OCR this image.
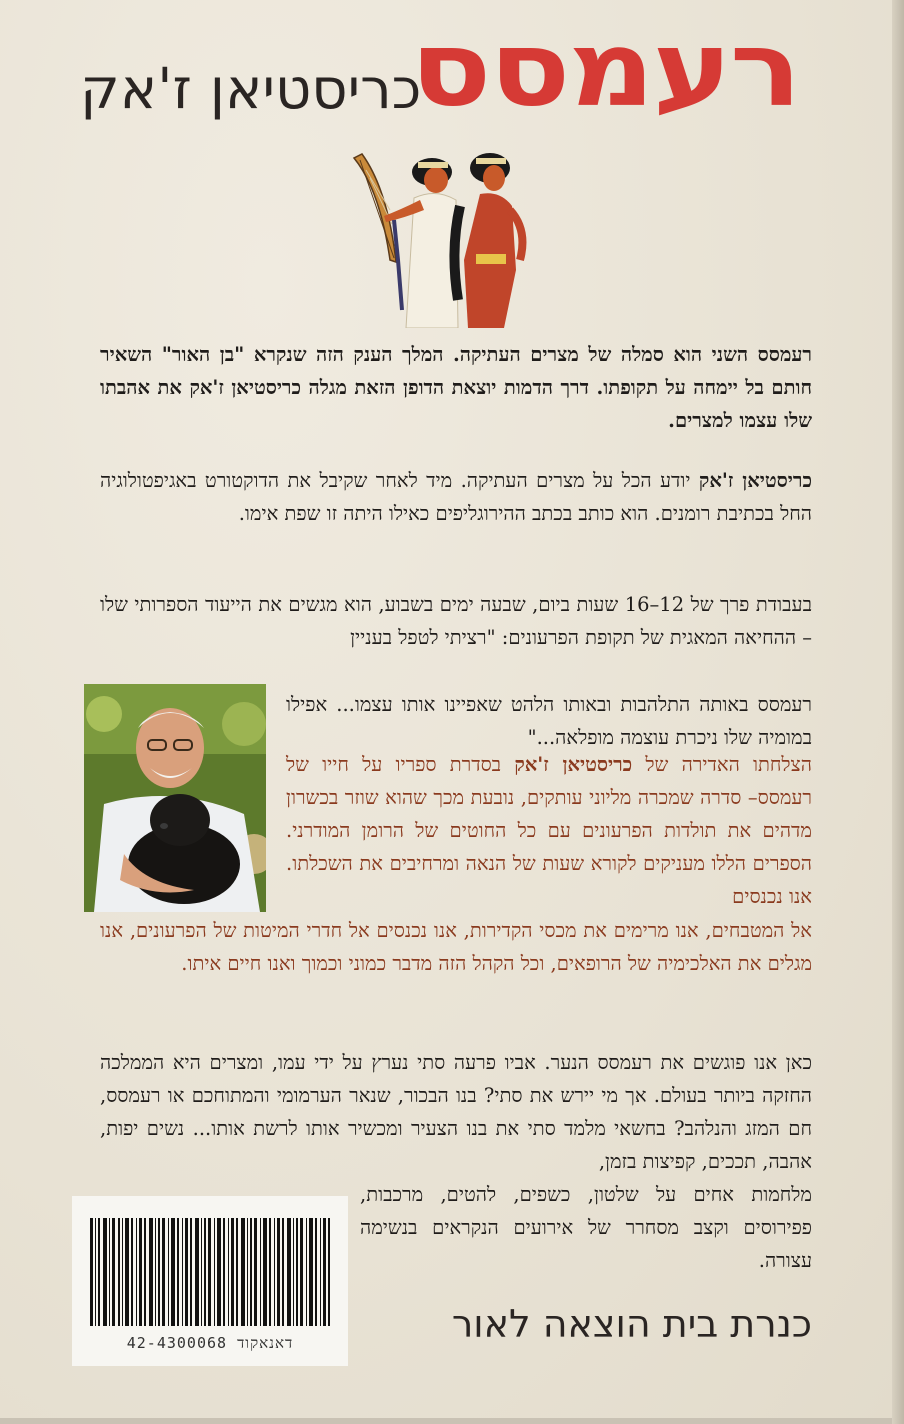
רעמסס
כריסטיאן ז'אק

רעמסס השני הוא סמלה של מצרים העתיקה. המלך הענק הזה שנקרא "בן האור" השאיר חותם בל יימחה על תקופתו. דרך הדמות יוצאת הדופן הזאת מגלה כריסטיאן ז'אק את אהבתו שלו עצמו למצרים.

כריסטיאן ז'אק יודע הכל על מצרים העתיקה. מיד לאחר שקיבל את הדוקטורט באגיפטולוגיה החל בכתיבת רומנים. הוא כותב בכתב ההירוגליפים כאילו היתה זו שפת אימו.

בעבודת פרך של 12–16 שעות ביום, שבעה ימים בשבוע, הוא מגשים את הייעוד הספרותי שלו – ההחיאה המאגית של תקופת הפרעונים: "רציתי לטפל בעניין

רעמסס באותה התלהבות ובאותו הלהט שאפיינו אותו עצמו... אפילו במומיה שלו ניכרת עוצמה מופלאה..."

הצלחתו האדירה של כריסטיאן ז'אק בסדרת ספריו על חייו של רעמסס– סדרה שמכרה מליוני עותקים, נובעת מכך שהוא שוזר בכשרון מדהים את תולדות הפרעונים עם כל החוטים של הרומן המודרני. הספרים הללו מעניקים לקורא שעות של הנאה ומרחיבים את השכלתו. אנו נכנסים

אל המטבחים, אנו מרימים את מכסי הקדירות, אנו נכנסים אל חדרי המיטות של הפרעונים, אנו מגלים את האלכימיה של הרופאים, וכל הקהל הזה מדבר כמוני וכמוך ואנו חיים איתו.

כאן אנו פוגשים את רעמסס הנער. אביו פרעה סתי נערץ על ידי עמו, ומצרים היא הממלכה החזקה ביותר בעולם. אך מי יירש את סתי? בנו הבכור, שנאר הערמומי והמתוחכם או רעמסס, חם המזג והנלהב? בחשאי מלמד סתי את בנו הצעיר ומכשיר אותו לרשת אותו... נשים יפות, אהבה, תככים, קפיצות בזמן,

מלחמות אחים על שלטון, כשפים, להטים, מרכבות, פפירוסים וקצב מסחרר של אירועים הנקראים בנשימה עצורה.

דאנאקוד 42-4300068	כנרת בית הוצאה לאור
